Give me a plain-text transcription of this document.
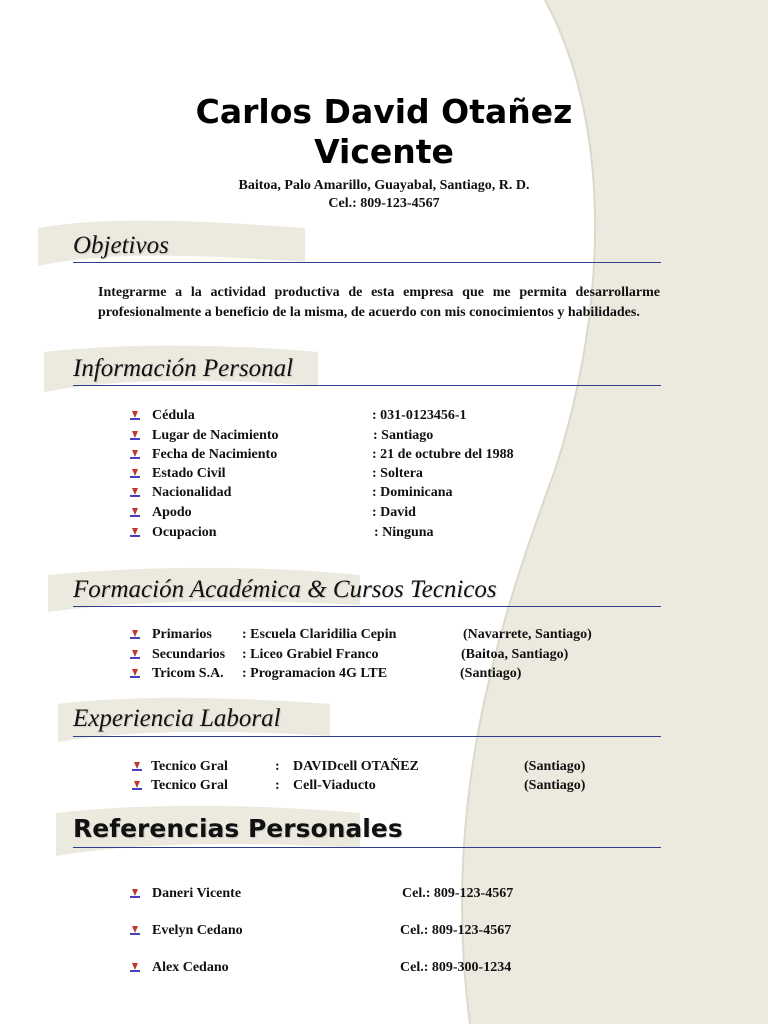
Carlos David Otañez Vicente
Baitoa, Palo Amarillo, Guayabal, Santiago, R. D.
Cel.: 809-123-4567
Objetivos
Integrarme a la actividad productiva de esta empresa que me permita desarrollarme profesionalmente a beneficio de la misma, de acuerdo con mis conocimientos y habilidades.
Información Personal
Cédula	: 031-0123456-1
Lugar de Nacimiento	: Santiago
Fecha de Nacimiento	: 21 de octubre del 1988
Estado Civil	: Soltera
Nacionalidad	: Dominicana
Apodo	: David
Ocupacion	: Ninguna
Formación Académica & Cursos Tecnicos
Primarios : Escuela Claridilia Cepin	(Navarrete, Santiago)
Secundarios : Liceo Grabiel Franco	(Baitoa, Santiago)
Tricom S.A. : Programacion 4G LTE	(Santiago)
Experiencia Laboral
Tecnico Gral	: DAVIDcell OTAÑEZ	(Santiago)
Tecnico Gral	: Cell-Viaducto	(Santiago)
Referencias Personales
Daneri Vicente	Cel.: 809-123-4567
Evelyn Cedano	Cel.: 809-123-4567
Alex Cedano	Cel.: 809-300-1234
